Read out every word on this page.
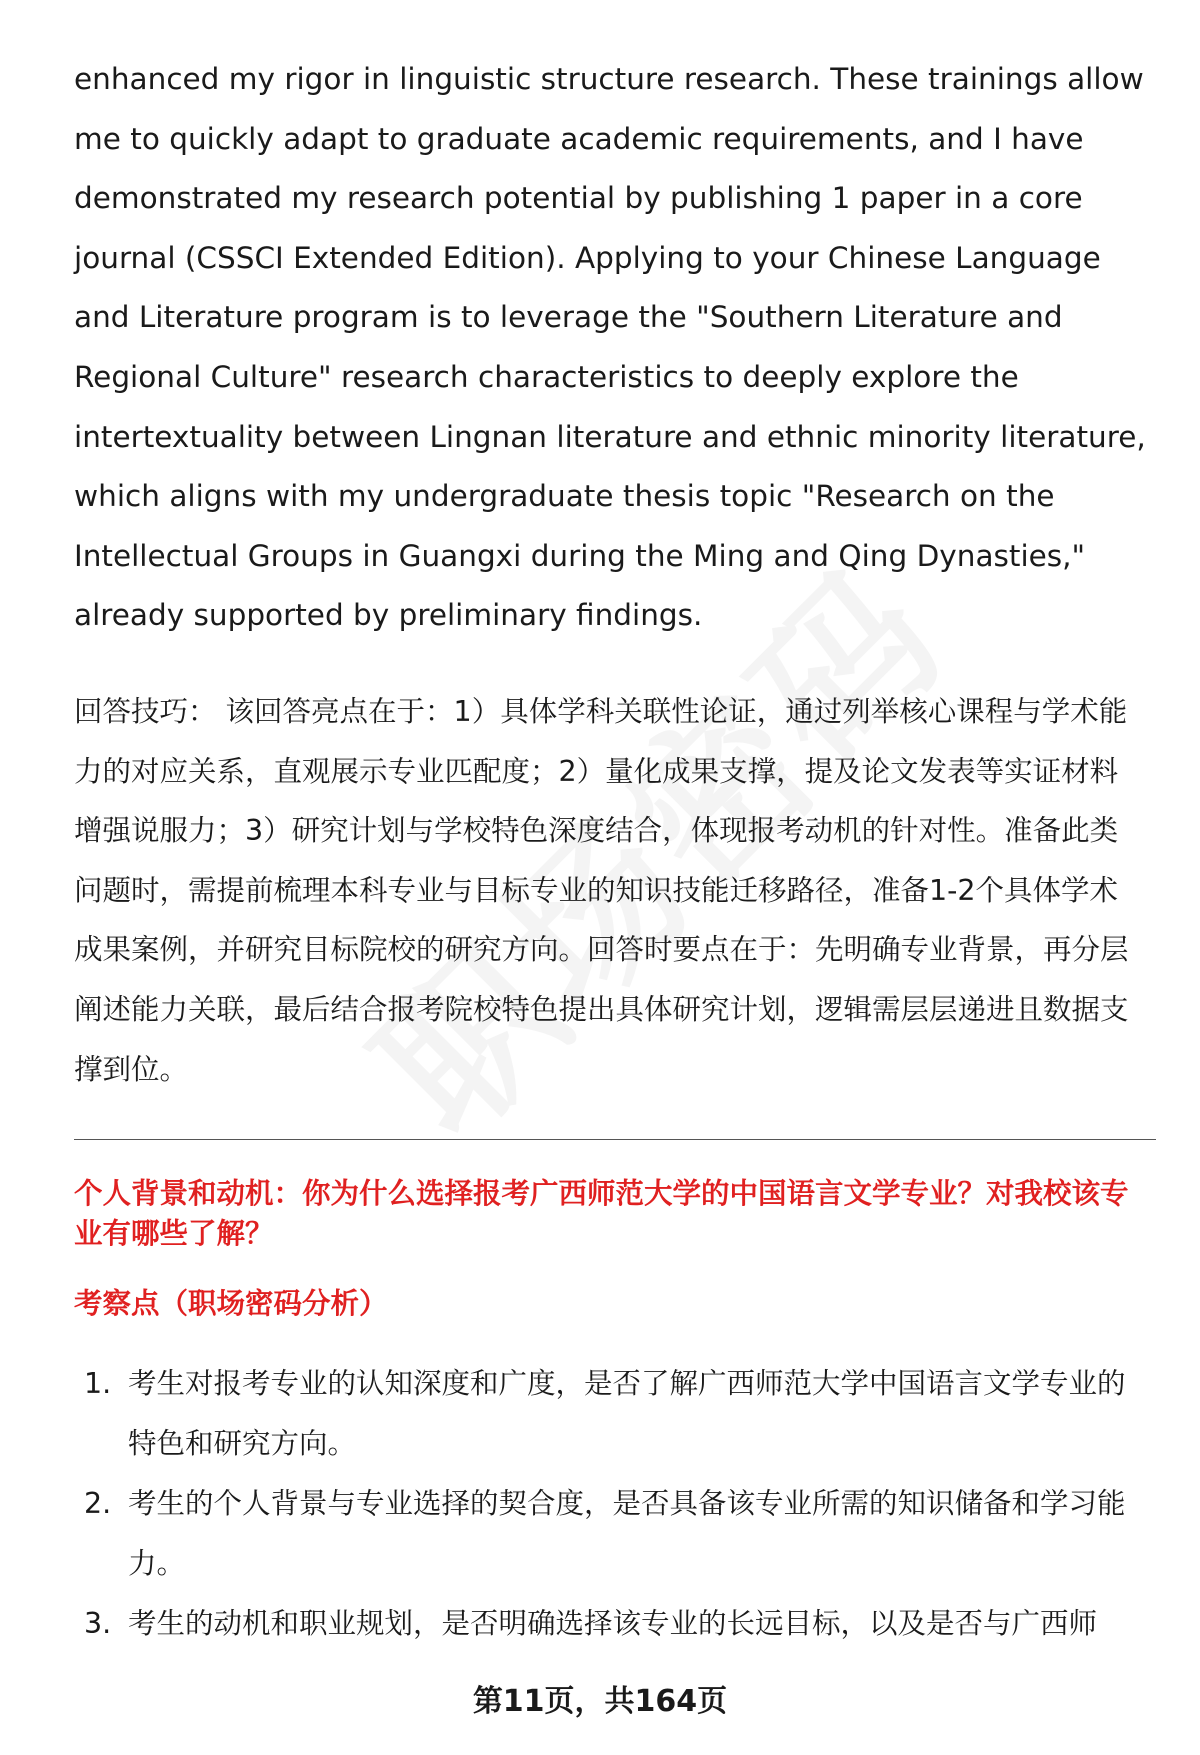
enhanced my rigor in linguistic structure research. These trainings allow me to quickly adapt to graduate academic requirements, and I have demonstrated my research potential by publishing 1 paper in a core journal (CSSCI Extended Edition). Applying to your Chinese Language and Literature program is to leverage the "Southern Literature and Regional Culture" research characteristics to deeply explore the intertextuality between Lingnan literature and ethnic minority literature, which aligns with my undergraduate thesis topic "Research on the Intellectual Groups in Guangxi during the Ming and Qing Dynasties," already supported by preliminary findings.

回答技巧： 该回答亮点在于：1）具体学科关联性论证，通过列举核心课程与学术能力的对应关系，直观展示专业匹配度；2）量化成果支撑，提及论文发表等实证材料增强说服力；3）研究计划与学校特色深度结合，体现报考动机的针对性。准备此类问题时，需提前梳理本科专业与目标专业的知识技能迁移路径，准备1-2个具体学术成果案例，并研究目标院校的研究方向。回答时要点在于：先明确专业背景，再分层阐述能力关联，最后结合报考院校特色提出具体研究计划，逻辑需层层递进且数据支撑到位。

个人背景和动机：你为什么选择报考广西师范大学的中国语言文学专业？对我校该专业有哪些了解？
考察点（职场密码分析）
1. 考生对报考专业的认知深度和广度，是否了解广西师范大学中国语言文学专业的特色和研究方向。
2. 考生的个人背景与专业选择的契合度，是否具备该专业所需的知识储备和学习能力。
3. 考生的动机和职业规划，是否明确选择该专业的长远目标，以及是否与广西师
第11页，共164页
